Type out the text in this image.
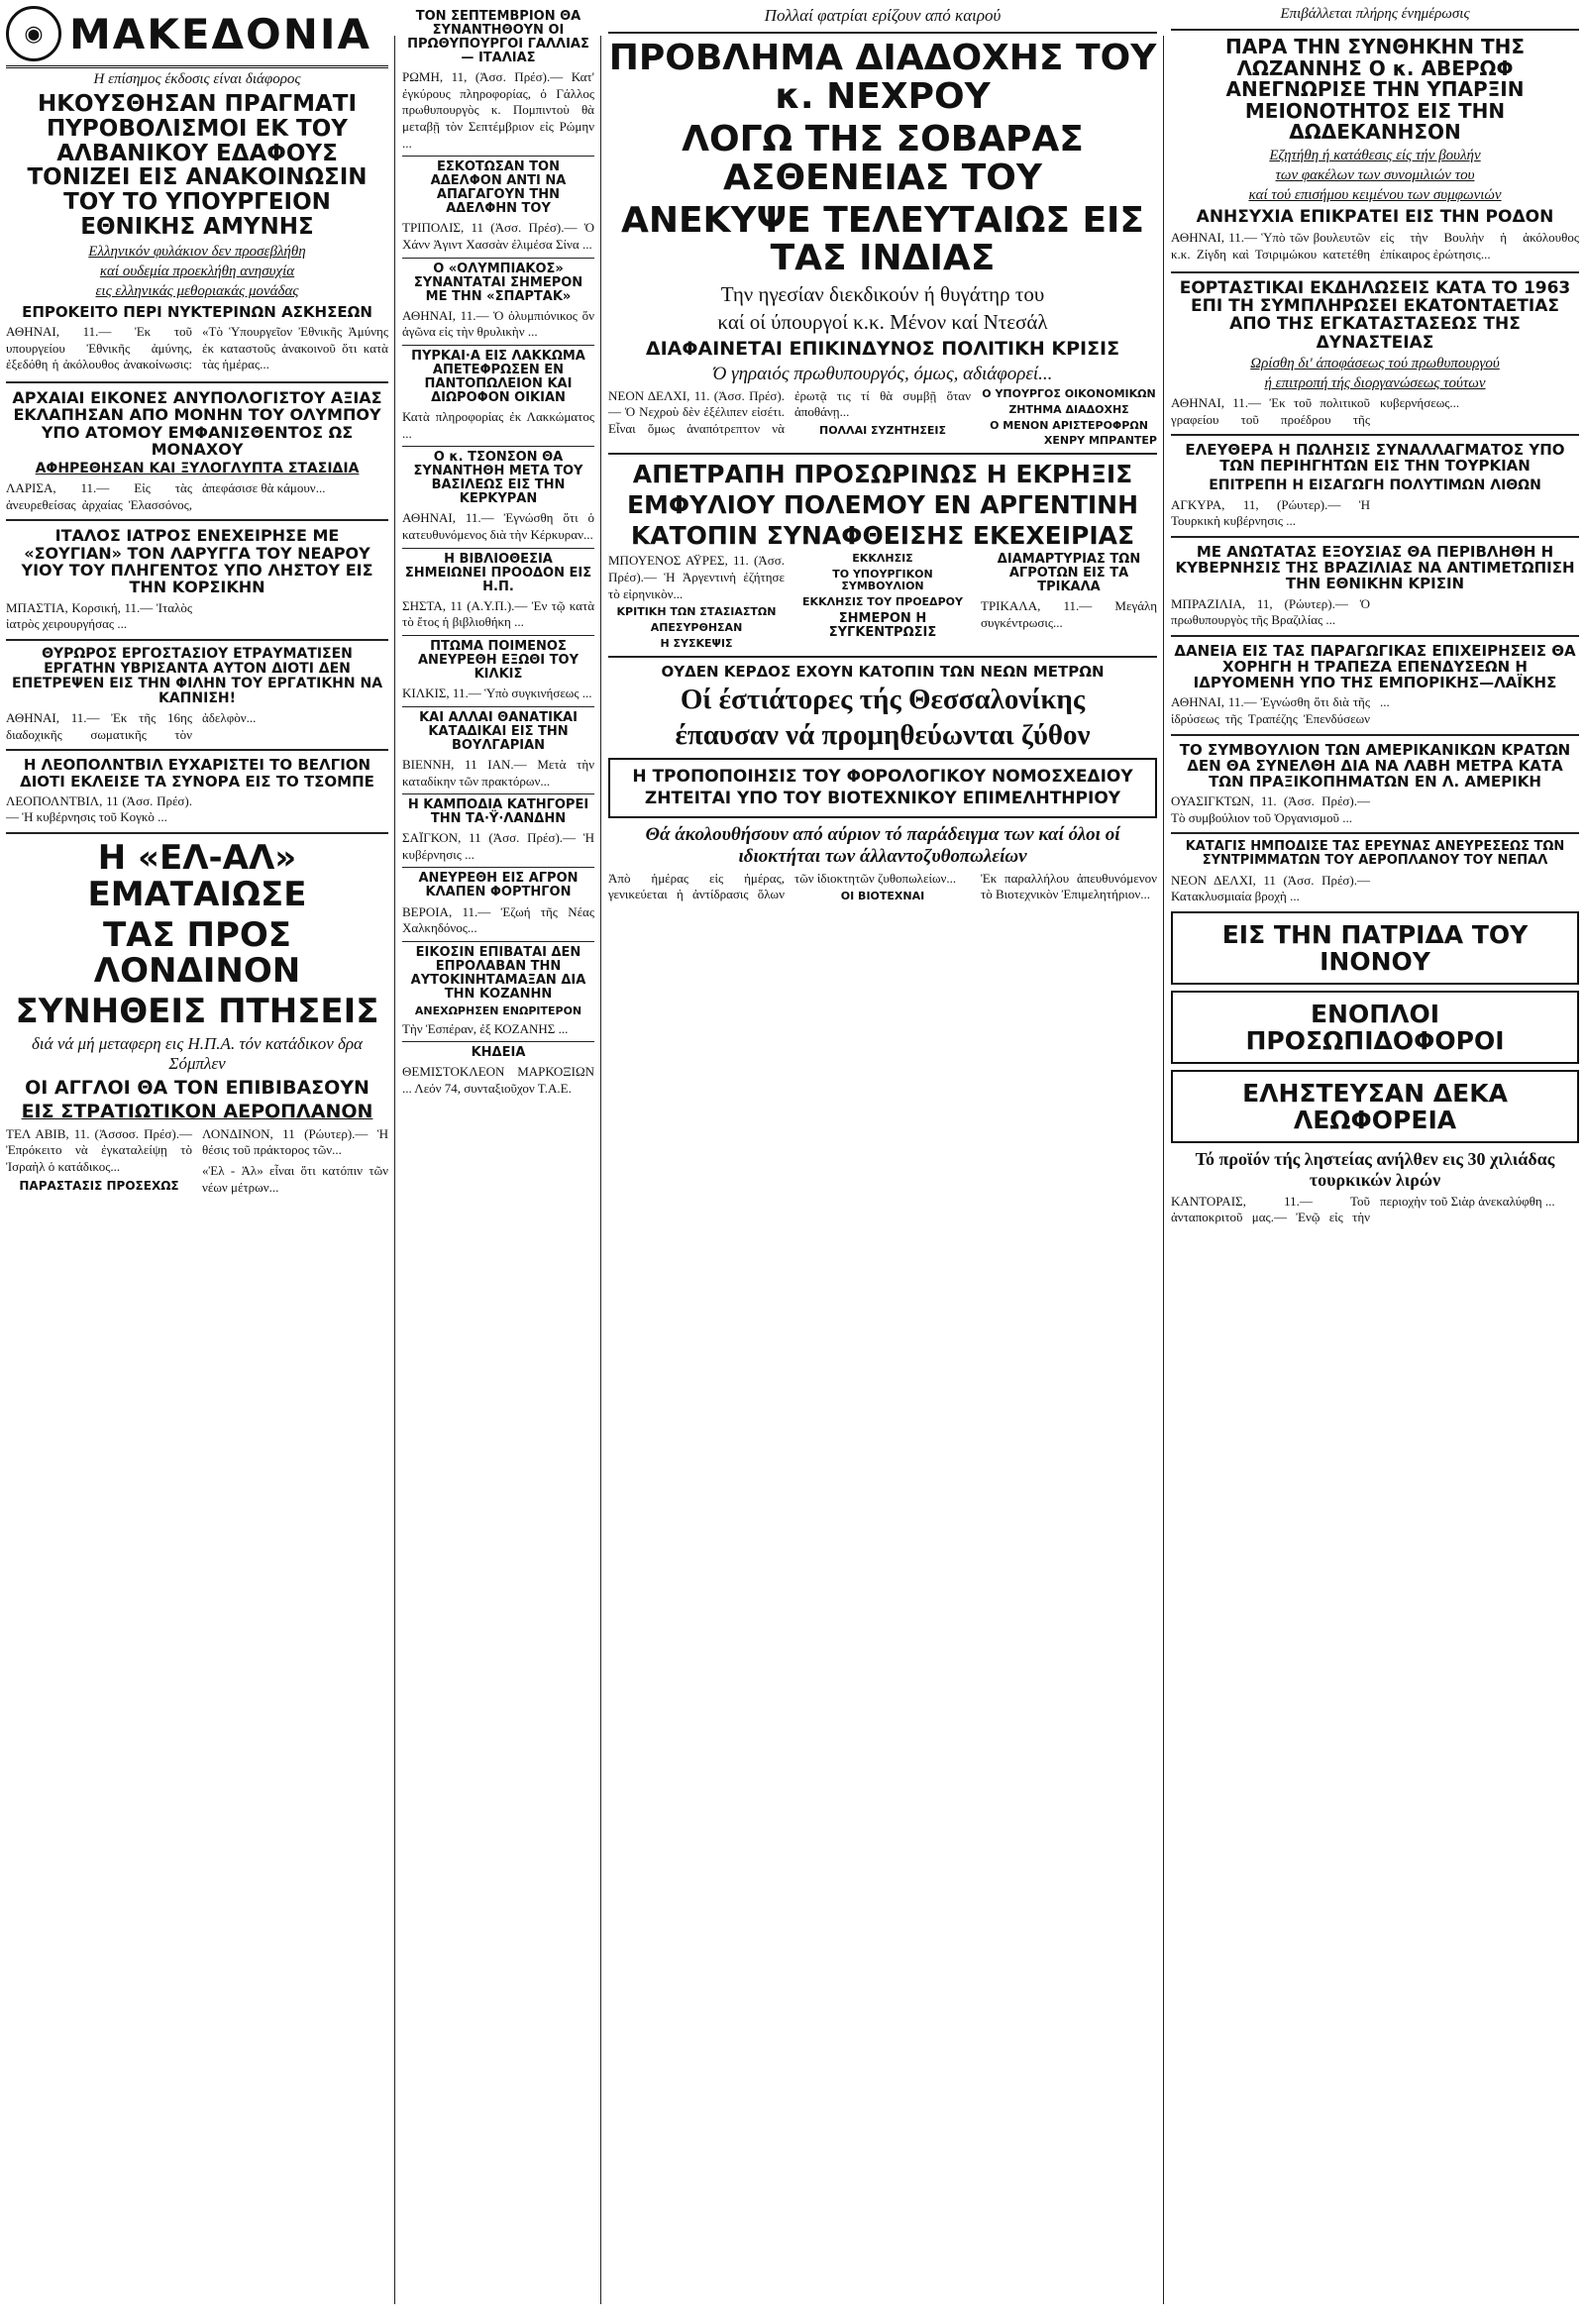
◉ ΜΑΚΕΔΟΝΙΑ
Η επίσημος έκδοσις είναι διάφορος
ΗΚΟΥΣΘΗΣΑΝ ΠΡΑΓΜΑΤΙ ΠΥΡΟΒΟΛΙΣΜΟΙ ΕΚ ΤΟΥ ΑΛΒΑΝΙΚΟΥ ΕΔΑΦΟΥΣ ΤΟΝΙΖΕΙ ΕΙΣ ΑΝΑΚΟΙΝΩΣΙΝ ΤΟΥ ΤΟ ΥΠΟΥΡΓΕΙΟΝ ΕΘΝΙΚΗΣ ΑΜΥΝΗΣ
Ελληνικόν φυλάκιον δεν προσεβλήθη
καί ουδεμία προεκλήθη ανησυχία
εις ελληνικάς μεθοριακάς μονάδας
ΕΠΡΟΚΕΙΤΟ ΠΕΡΙ ΝΥΚΤΕΡΙΝΩΝ ΑΣΚΗΣΕΩΝ

ΑΘΗΝΑΙ, 11.— Ἐκ τοῦ υπουργείου Ἐθνικῆς ἀμύνης, ἐξεδόθη ἡ ἀκόλουθος ἀνακοίνωσις: «Τὸ Ὑπουργεῖον Ἐθνικῆς Ἀμύνης ἐκ καταστοῦς ἀνακοινοῦ ὅτι κατὰ τὰς ἡμέρας...

ΑΡΧΑΙΑΙ ΕΙΚΟΝΕΣ ΑΝΥΠΟΛΟΓΙΣΤΟΥ ΑΞΙΑΣ ΕΚΛΑΠΗΣΑΝ ΑΠΟ ΜΟΝΗΝ ΤΟΥ ΟΛΥΜΠΟΥ ΥΠΟ ΑΤΟΜΟΥ ΕΜΦΑΝΙΣΘΕΝΤΟΣ ΩΣ ΜΟΝΑΧΟΥ
ΑΦΗΡΕΘΗΣΑΝ ΚΑΙ ΞΥΛΟΓΛΥΠΤΑ ΣΤΑΣΙΔΙΑ

ΛΑΡΙΣΑ, 11.— Εἰς τὰς ἀνευρεθείσας ἀρχαίας Ἐλασσόνος, ἀπεφάσισε θὰ κάμουν...

ΙΤΑΛΟΣ ΙΑΤΡΟΣ ΕΝΕΧΕΙΡΗΣΕ ΜΕ «ΣΟΥΓΙΑΝ» ΤΟΝ ΛΑΡΥΓΓΑ ΤΟΥ ΝΕΑΡΟΥ ΥΙΟΥ ΤΟΥ ΠΛΗΓΕΝΤΟΣ ΥΠΟ ΛΗΣΤΟΥ ΕΙΣ ΤΗΝ ΚΟΡΣΙΚΗΝ

ΜΠΑΣΤΙΑ, Κορσική, 11.— Ἰταλὸς ἰατρὸς χειρουργήσας ...

ΘΥΡΩΡΟΣ ΕΡΓΟΣΤΑΣΙΟΥ ΕΤΡΑΥΜΑΤΙΣΕΝ ΕΡΓΑΤΗΝ ΥΒΡΙΣΑΝΤΑ ΑΥΤΟΝ ΔΙΟΤΙ ΔΕΝ ΕΠΕΤΡΕΨΕΝ ΕΙΣ ΤΗΝ ΦΙΛΗΝ ΤΟΥ ΕΡΓΑΤΙΚΗΝ ΝΑ ΚΑΠΝΙΣΗ!

ΑΘΗΝΑΙ, 11.— Ἐκ τῆς 16ης διαδοχικῆς σωματικῆς τὸν ἀδελφὸν...

Η ΛΕΟΠΟΛΝΤΒΙΛ ΕΥΧΑΡΙΣΤΕΙ ΤΟ ΒΕΛΓΙΟΝ ΔΙΟΤΙ ΕΚΛΕΙΣΕ ΤΑ ΣΥΝΟΡΑ ΕΙΣ ΤΟ ΤΣΟΜΠΕ

ΛΕΟΠΟΛΝΤΒΙΛ, 11 (Ἀσσ. Πρέσ).— Ἡ κυβέρνησις τοῦ Κογκὸ ...

Η «ΕΛ-ΑΛ» ΕΜΑΤΑΙΩΣΕ
ΤΑΣ ΠΡΟΣ ΛΟΝΔΙΝΟΝ
ΣΥΝΗΘΕΙΣ ΠΤΗΣΕΙΣ
διά νά μή μεταφερη εις Η.Π.Α. τόν κατάδικον δρα Σόμπλεν
ΟΙ ΑΓΓΛΟΙ ΘΑ ΤΟΝ ΕΠΙΒΙΒΑΣΟΥΝ
ΕΙΣ ΣΤΡΑΤΙΩΤΙΚΟΝ ΑΕΡΟΠΛΑΝΟΝ

ΤΕΛ ΑΒΙΒ, 11. (Ἀσσοσ. Πρέσ).— Ἐπρόκειτο νὰ ἐγκαταλείψῃ τὸ Ἰσραὴλ ὁ κατάδικος...

ΠΑΡΑΣΤΑΣΙΣ ΠΡΟΣΕΧΩΣ

ΛΟΝΔΙΝΟΝ, 11 (Ρώυτερ).— Ἡ θέσις τοῦ πράκτορος τῶν...

«Ἐλ - Ἀλ» εἶναι ὅτι κατόπιν τῶν νέων μέτρων...

ΤΟΝ ΣΕΠΤΕΜΒΡΙΟΝ ΘΑ ΣΥΝΑΝΤΗΘΟΥΝ ΟΙ ΠΡΩΘΥΠΟΥΡΓΟΙ ΓΑΛΛΙΑΣ — ΙΤΑΛΙΑΣ

ΡΩΜΗ, 11, (Ἀσσ. Πρέσ).— Κατ' ἐγκύρους πληροφορίας, ὁ Γάλλος πρωθυπουργὸς κ. Πομπιντοὺ θὰ μεταβῇ τὸν Σεπτέμβριον εἰς Ρώμην ...

ΕΣΚΟΤΩΣΑΝ ΤΟΝ ΑΔΕΛΦΟΝ ΑΝΤΙ ΝΑ ΑΠΑΓΑΓΟΥΝ ΤΗΝ ΑΔΕΛΦΗΝ ΤΟΥ

ΤΡΙΠΟΛΙΣ, 11 (Ἀσσ. Πρέσ).— Ὁ Χάνν Ἀγιντ Χασσὰν ἐλιμέσα Σίνα ...

Ο «ΟΛΥΜΠΙΑΚΟΣ» ΣΥΝΑΝΤΑΤΑΙ ΣΗΜΕΡΟΝ ΜΕ ΤΗΝ «ΣΠΑΡΤΑΚ»

ΑΘΗΝΑΙ, 11.— Ὁ ὀλυμπιόνικος ὅν ἀγῶνα εἰς τὴν θρυλικὴν ...

ΠΥΡΚΑΙ·Α ΕΙΣ ΛΑΚΚΩΜΑ ΑΠΕΤΕΦΡΩΣΕΝ ΕΝ ΠΑΝΤΟΠΩΛΕΙΟΝ ΚΑΙ ΔΙΩΡΟΦΟΝ ΟΙΚΙΑΝ

Κατὰ πληροφορίας ἐκ Λακκώματος ...

Ο κ. ΤΣΟΝΣΟΝ ΘΑ ΣΥΝΑΝΤΗΘΗ ΜΕΤΑ ΤΟΥ ΒΑΣΙΛΕΩΣ ΕΙΣ ΤΗΝ ΚΕΡΚΥΡΑΝ

ΑΘΗΝΑΙ, 11.— Ἐγνώσθη ὅτι ὁ κατευθυνόμενος διὰ τὴν Κέρκυραν...

Η ΒΙΒΛΙΟΘΕΣΙΑ ΣΗΜΕΙΩΝΕΙ ΠΡΟΟΔΟΝ ΕΙΣ Η.Π.

ΣΗΣΤΑ, 11 (Α.Υ.Π.).— Ἐν τῷ κατὰ τὸ ἔτος ἡ βιβλιοθήκη ...

ΠΤΩΜΑ ΠΟΙΜΕΝΟΣ ΑΝΕΥΡΕΘΗ ΕΞΩΘΙ ΤΟΥ ΚΙΛΚΙΣ

ΚΙΛΚΙΣ, 11.— Ὑπὸ συγκινήσεως ...

ΚΑΙ ΑΛΛΑΙ ΘΑΝΑΤΙΚΑΙ ΚΑΤΑΔΙΚΑΙ ΕΙΣ ΤΗΝ ΒΟΥΛΓΑΡΙΑΝ

ΒΙΕΝΝΗ, 11 ΙΑΝ.— Μετὰ τὴν καταδίκην τῶν πρακτόρων...

Η ΚΑΜΠΟΔΙΑ ΚΑΤΗΓΟΡΕΙ ΤΗΝ ΤΑ·Ϋ·ΛΑΝΔΗΝ

ΣΑΪΓΚΟΝ, 11 (Ἀσσ. Πρέσ).— Ἡ κυβέρνησις ...

ΑΝΕΥΡΕΘΗ ΕΙΣ ΑΓΡΟΝ ΚΛΑΠΕΝ ΦΟΡΤΗΓΟΝ

ΒΕΡΟΙΑ, 11.— Ἐζωή τῆς Νέας Χαλκηδόνος...

ΕΙΚΟΣΙΝ ΕΠΙΒΑΤΑΙ ΔΕΝ ΕΠΡΟΛΑΒΑΝ ΤΗΝ ΑΥΤΟΚΙΝΗΤΑΜΑΞΑΝ ΔΙΑ ΤΗΝ ΚΟΖΑΝΗΝ
ΑΝΕΧΩΡΗΣΕΝ ΕΝΩΡΙΤΕΡΟΝ

Τὴν Ἑσπέραν, ἐξ ΚΟΖΑΝΗΣ ...

ΚΗΔΕΙΑ

ΘΕΜΙΣΤΟΚΛΕΟΝ ΜΑΡΚΟΞΙΩΝ ... Λεόν 74, συνταξιοῦχον Τ.Α.Ε.

Πολλαί φατρίαι ερίζουν από καιρού
ΠΡΟΒΛΗΜΑ ΔΙΑΔΟΧΗΣ ΤΟΥ κ. ΝΕΧΡΟΥ
ΛΟΓΩ ΤΗΣ ΣΟΒΑΡΑΣ ΑΣΘΕΝΕΙΑΣ ΤΟΥ
ΑΝΕΚΥΨΕ ΤΕΛΕΥΤΑΙΩΣ ΕΙΣ ΤΑΣ ΙΝΔΙΑΣ
Την ηγεσίαν διεκδικούν ή θυγάτηρ του
καί οί ύπουργοί κ.κ. Μένον καί Ντεσάλ
ΔΙΑΦΑΙΝΕΤΑΙ ΕΠΙΚΙΝΔΥΝΟΣ ΠΟΛΙΤΙΚΗ ΚΡΙΣΙΣ
Ό γηραιός πρωθυπουργός, όμως, αδιάφορεί...

ΝΕΟΝ ΔΕΛΧΙ, 11. (Ἀσσ. Πρέσ).— Ὁ Νεχροὺ δὲν ἐξέλιπεν εἰσέτι. Εἶναι ὅμως ἀναπότρεπτον νὰ ἐρωτᾷ τις τί θὰ συμβῇ ὅταν ἀποθάνῃ...

ΠΟΛΛΑΙ ΣΥΖΗΤΗΣΕΙΣ
Ο ΥΠΟΥΡΓΟΣ ΟΙΚΟΝΟΜΙΚΩΝ
ΖΗΤΗΜΑ ΔΙΑΔΟΧΗΣ
Ο ΜΕΝΟΝ ΑΡΙΣΤΕΡΟΦΡΩΝ
ΧΕΝΡΥ ΜΠΡΑΝΤΕΡ
ΑΠΕΤΡΑΠΗ ΠΡΟΣΩΡΙΝΩΣ Η ΕΚΡΗΞΙΣ
ΕΜΦΥΛΙΟΥ ΠΟΛΕΜΟΥ ΕΝ ΑΡΓΕΝΤΙΝΗ
ΚΑΤΟΠΙΝ ΣΥΝΑΦΘΕΙΣΗΣ ΕΚΕΧΕΙΡΙΑΣ

ΜΠΟΥΕΝΟΣ ΑΫΡΕΣ, 11. (Ἀσσ. Πρέσ).— Ἡ Ἀργεντινὴ ἐζήτησε τὸ εἰρηνικὸν...

ΚΡΙΤΙΚΗ ΤΩΝ ΣΤΑΣΙΑΣΤΩΝ
ΑΠΕΣΥΡΘΗΣΑΝ
Η ΣΥΣΚΕΨΙΣ
ΕΚΚΛΗΣΙΣ
ΤΟ ΥΠΟΥΡΓΙΚΟΝ ΣΥΜΒΟΥΛΙΟΝ
ΕΚΚΛΗΣΙΣ ΤΟΥ ΠΡΟΕΔΡΟΥ
ΣΗΜΕΡΟΝ Η ΣΥΓΚΕΝΤΡΩΣΙΣ ΔΙΑΜΑΡΤΥΡΙΑΣ ΤΩΝ ΑΓΡΟΤΩΝ ΕΙΣ ΤΑ ΤΡΙΚΑΛΑ

ΤΡΙΚΑΛΑ, 11.— Μεγάλη συγκέντρωσις...

ΟΥΔΕΝ ΚΕΡΔΟΣ ΕΧΟΥΝ ΚΑΤΟΠΙΝ ΤΩΝ ΝΕΩΝ ΜΕΤΡΩΝ
Οί έστιάτορες τής Θεσσαλονίκης
έπαυσαν νά προμηθεύωνται ζύθον
Η ΤΡΟΠΟΠΟΙΗΣΙΣ ΤΟΥ ΦΟΡΟΛΟΓΙΚΟΥ ΝΟΜΟΣΧΕΔΙΟΥ
ΖΗΤΕΙΤΑΙ ΥΠΟ ΤΟΥ ΒΙΟΤΕΧΝΙΚΟΥ ΕΠΙΜΕΛΗΤΗΡΙΟΥ
Θά άκολουθήσουν από αύριον τό παράδειγμα των καί όλοι οί ιδιοκτήται των άλλαντοζυθοπωλείων

Ἀπὸ ἡμέρας εἰς ἡμέρας, γενικεύεται ἡ ἀντίδρασις ὅλων τῶν ἰδιοκτητῶν ζυθοπωλείων...

ΟΙ ΒΙΟΤΕΧΝΑΙ

Ἐκ παραλλήλου ἀπευθυνόμενον τὸ Βιοτεχνικὸν Ἐπιμελητήριον...

Επιβάλλεται πλήρης ένημέρωσις
ΠΑΡΑ ΤΗΝ ΣΥΝΘΗΚΗΝ ΤΗΣ ΛΩΖΑΝΝΗΣ Ο κ. ΑΒΕΡΩΦ ΑΝΕΓΝΩΡΙΣΕ ΤΗΝ ΥΠΑΡΞΙΝ ΜΕΙΟΝΟΤΗΤΟΣ ΕΙΣ ΤΗΝ ΔΩΔΕΚΑΝΗΣΟΝ
Εζητήθη ή κατάθεσις είς τήν βουλήν
των φακέλων των συνομιλιών του
καί τού επισήμου κειμένου των συμφωνιών
ΑΝΗΣΥΧΙΑ ΕΠΙΚΡΑΤΕΙ ΕΙΣ ΤΗΝ ΡΟΔΟΝ

ΑΘΗΝΑΙ, 11.— Ὑπὸ τῶν βουλευτῶν κ.κ. Ζίγδη καὶ Τσιριμώκου κατετέθη εἰς τὴν Βουλὴν ἡ ἀκόλουθος ἐπίκαιρος ἐρώτησις...

ΕΟΡΤΑΣΤΙΚΑΙ ΕΚΔΗΛΩΣΕΙΣ ΚΑΤΑ ΤΟ 1963 ΕΠΙ ΤΗ ΣΥΜΠΛΗΡΩΣΕΙ ΕΚΑΤΟΝΤΑΕΤΙΑΣ ΑΠΟ ΤΗΣ ΕΓΚΑΤΑΣΤΑΣΕΩΣ ΤΗΣ ΔΥΝΑΣΤΕΙΑΣ
Ωρίσθη δι' άποφάσεως τού πρωθυπουργού
ή επιτροπή τής διοργανώσεως τούτων

ΑΘΗΝΑΙ, 11.— Ἐκ τοῦ πολιτικοῦ γραφείου τοῦ προέδρου τῆς κυβερνήσεως...

ΕΛΕΥΘΕΡΑ Η ΠΩΛΗΣΙΣ ΣΥΝΑΛΛΑΓΜΑΤΟΣ ΥΠΟ ΤΩΝ ΠΕΡΙΗΓΗΤΩΝ ΕΙΣ ΤΗΝ ΤΟΥΡΚΙΑΝ
ΕΠΙΤΡΕΠΗ Η ΕΙΣΑΓΩΓΗ ΠΟΛΥΤΙΜΩΝ ΛΙΘΩΝ

ΑΓΚΥΡΑ, 11, (Ρώυτερ).— Ἡ Τουρκικὴ κυβέρνησις ...

ΜΕ ΑΝΩΤΑΤΑΣ ΕΞΟΥΣΙΑΣ ΘΑ ΠΕΡΙΒΛΗΘΗ Η ΚΥΒΕΡΝΗΣΙΣ ΤΗΣ ΒΡΑΖΙΛΙΑΣ ΝΑ ΑΝΤΙΜΕΤΩΠΙΣΗ ΤΗΝ ΕΘΝΙΚΗΝ ΚΡΙΣΙΝ

ΜΠΡΑΖΙΛΙΑ, 11, (Ρώυτερ).— Ὁ πρωθυπουργὸς τῆς Βραζιλίας ...

ΔΑΝΕΙΑ ΕΙΣ ΤΑΣ ΠΑΡΑΓΩΓΙΚΑΣ ΕΠΙΧΕΙΡΗΣΕΙΣ ΘΑ ΧΟΡΗΓΗ Η ΤΡΑΠΕΖΑ ΕΠΕΝΔΥΣΕΩΝ Η ΙΔΡΥΟΜΕΝΗ ΥΠΟ ΤΗΣ ΕΜΠΟΡΙΚΗΣ—ΛΑΪΚΗΣ

ΑΘΗΝΑΙ, 11.— Ἐγνώσθη ὅτι διὰ τῆς ἱδρύσεως τῆς Τραπέζης Ἐπενδύσεων ...

ΤΟ ΣΥΜΒΟΥΛΙΟΝ ΤΩΝ ΑΜΕΡΙΚΑΝΙΚΩΝ ΚΡΑΤΩΝ ΔΕΝ ΘΑ ΣΥΝΕΛΘΗ ΔΙΑ ΝΑ ΛΑΒΗ ΜΕΤΡΑ ΚΑΤΑ ΤΩΝ ΠΡΑΞΙΚΟΠΗΜΑΤΩΝ ΕΝ Λ. ΑΜΕΡΙΚΗ

ΟΥΑΣΙΓΚΤΩΝ, 11. (Ἀσσ. Πρέσ).— Τὸ συμβούλιον τοῦ Ὀργανισμοῦ ...

ΚΑΤΑΓΙΣ ΗΜΠΟΔΙΣΕ ΤΑΣ ΕΡΕΥΝΑΣ ΑΝΕΥΡΕΣΕΩΣ ΤΩΝ ΣΥΝΤΡΙΜΜΑΤΩΝ ΤΟΥ ΑΕΡΟΠΛΑΝΟΥ ΤΟΥ ΝΕΠΑΛ

ΝΕΟΝ ΔΕΛΧΙ, 11 (Ἀσσ. Πρέσ).— Κατακλυσμιαία βροχὴ ...

ΕΙΣ ΤΗΝ ΠΑΤΡΙΔΑ ΤΟΥ ΙΝΟΝΟΥ
ΕΝΟΠΛΟΙ ΠΡΟΣΩΠΙΔΟΦΟΡΟΙ
ΕΛΗΣΤΕΥΣΑΝ ΔΕΚΑ ΛΕΩΦΟΡΕΙΑ
Τό προϊόν τής ληστείας ανήλθεν εις 30 χιλιάδας τουρκικών λιρών

ΚΑΝΤΟΡΑΙΣ, 11.— Τοῦ ἀνταποκριτοῦ μας.— Ἐνῷ εἰς τὴν περιοχὴν τοῦ Σιὰρ ἀνεκαλύφθη ...
